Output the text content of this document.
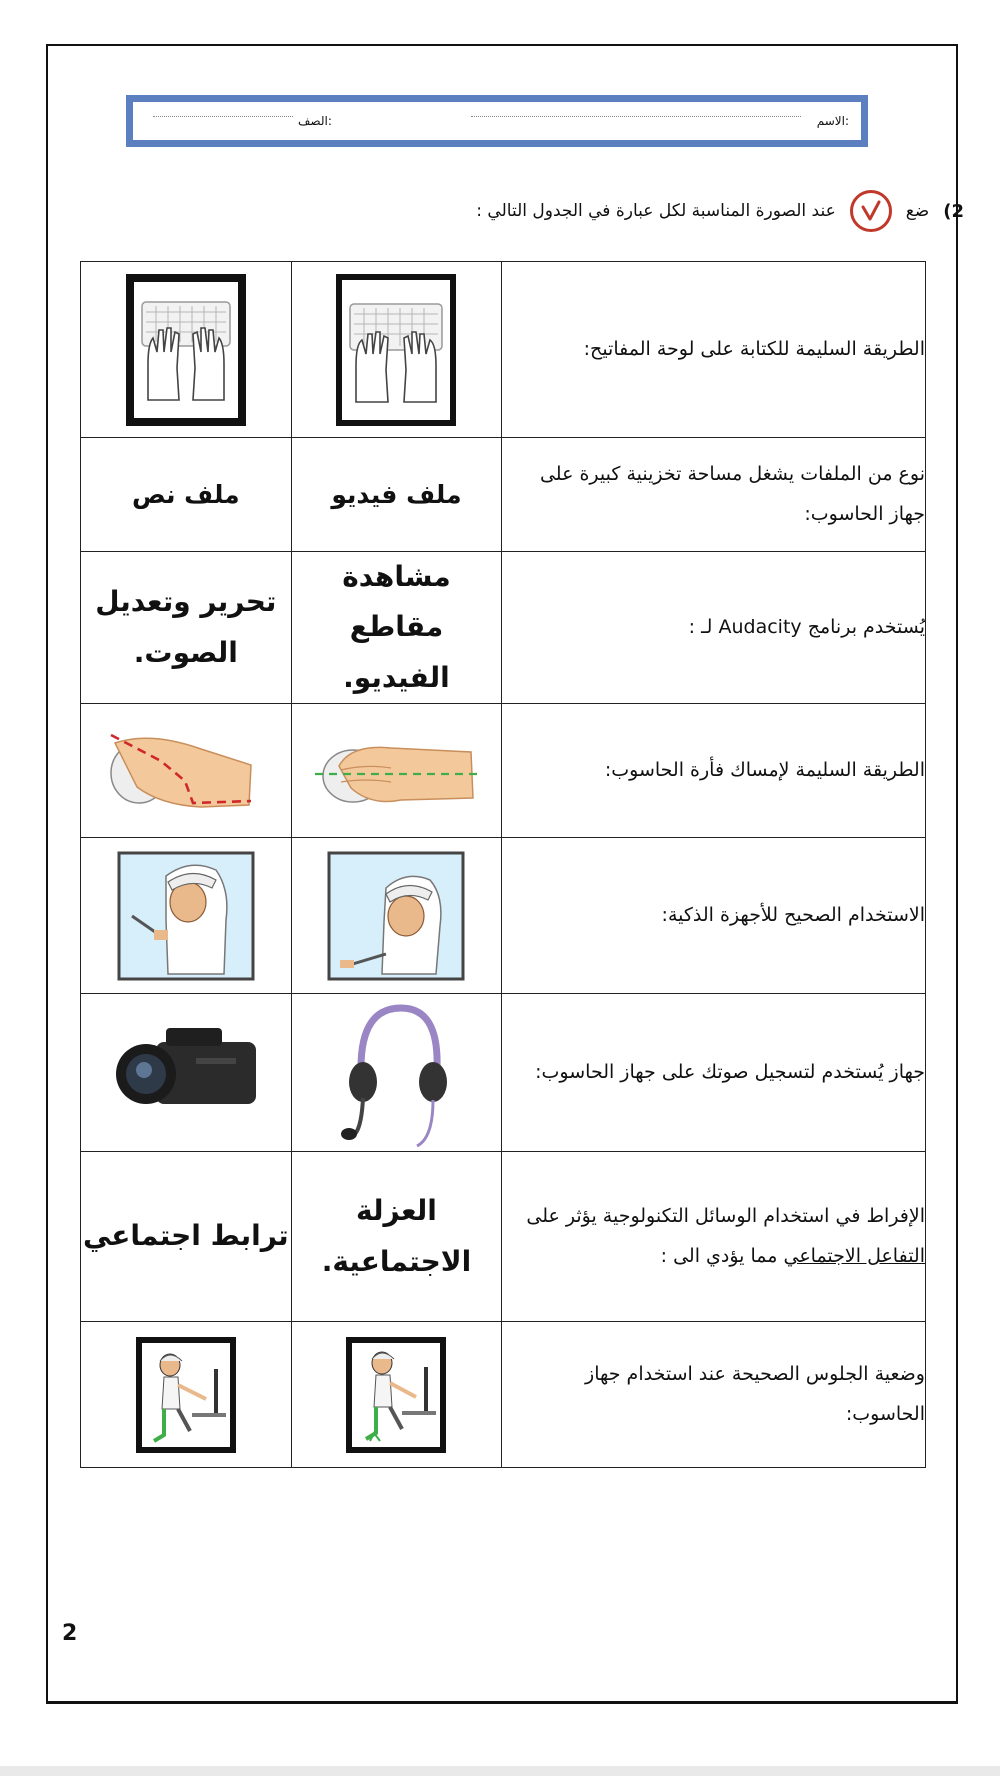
الاسم:
الصف:
2)
ضع
عند الصورة المناسبة لكل عبارة في الجدول التالي :
الطريقة السليمة للكتابة على لوحة المفاتيح:	

نوع من الملفات يشغل مساحة تخزينية كبيرة على جهاز الحاسوب:	ملف فيديو	ملف نص
يُستخدم برنامج Audacity لـ :	مشاهدة مقاطع الفيديو.	تحرير وتعديل الصوت.
الطريقة السليمة لإمساك فأرة الحاسوب:	

الاستخدام الصحيح للأجهزة الذكية:	

جهاز يُستخدم لتسجيل صوتك على جهاز الحاسوب:	

الإفراط في استخدام الوسائل التكنولوجية يؤثر على التفاعل الاجتماعي مما يؤدي الى :	العزلة الاجتماعية.	ترابط اجتماعي
وضعية الجلوس الصحيحة عند استخدام جهاز الحاسوب:	

2
